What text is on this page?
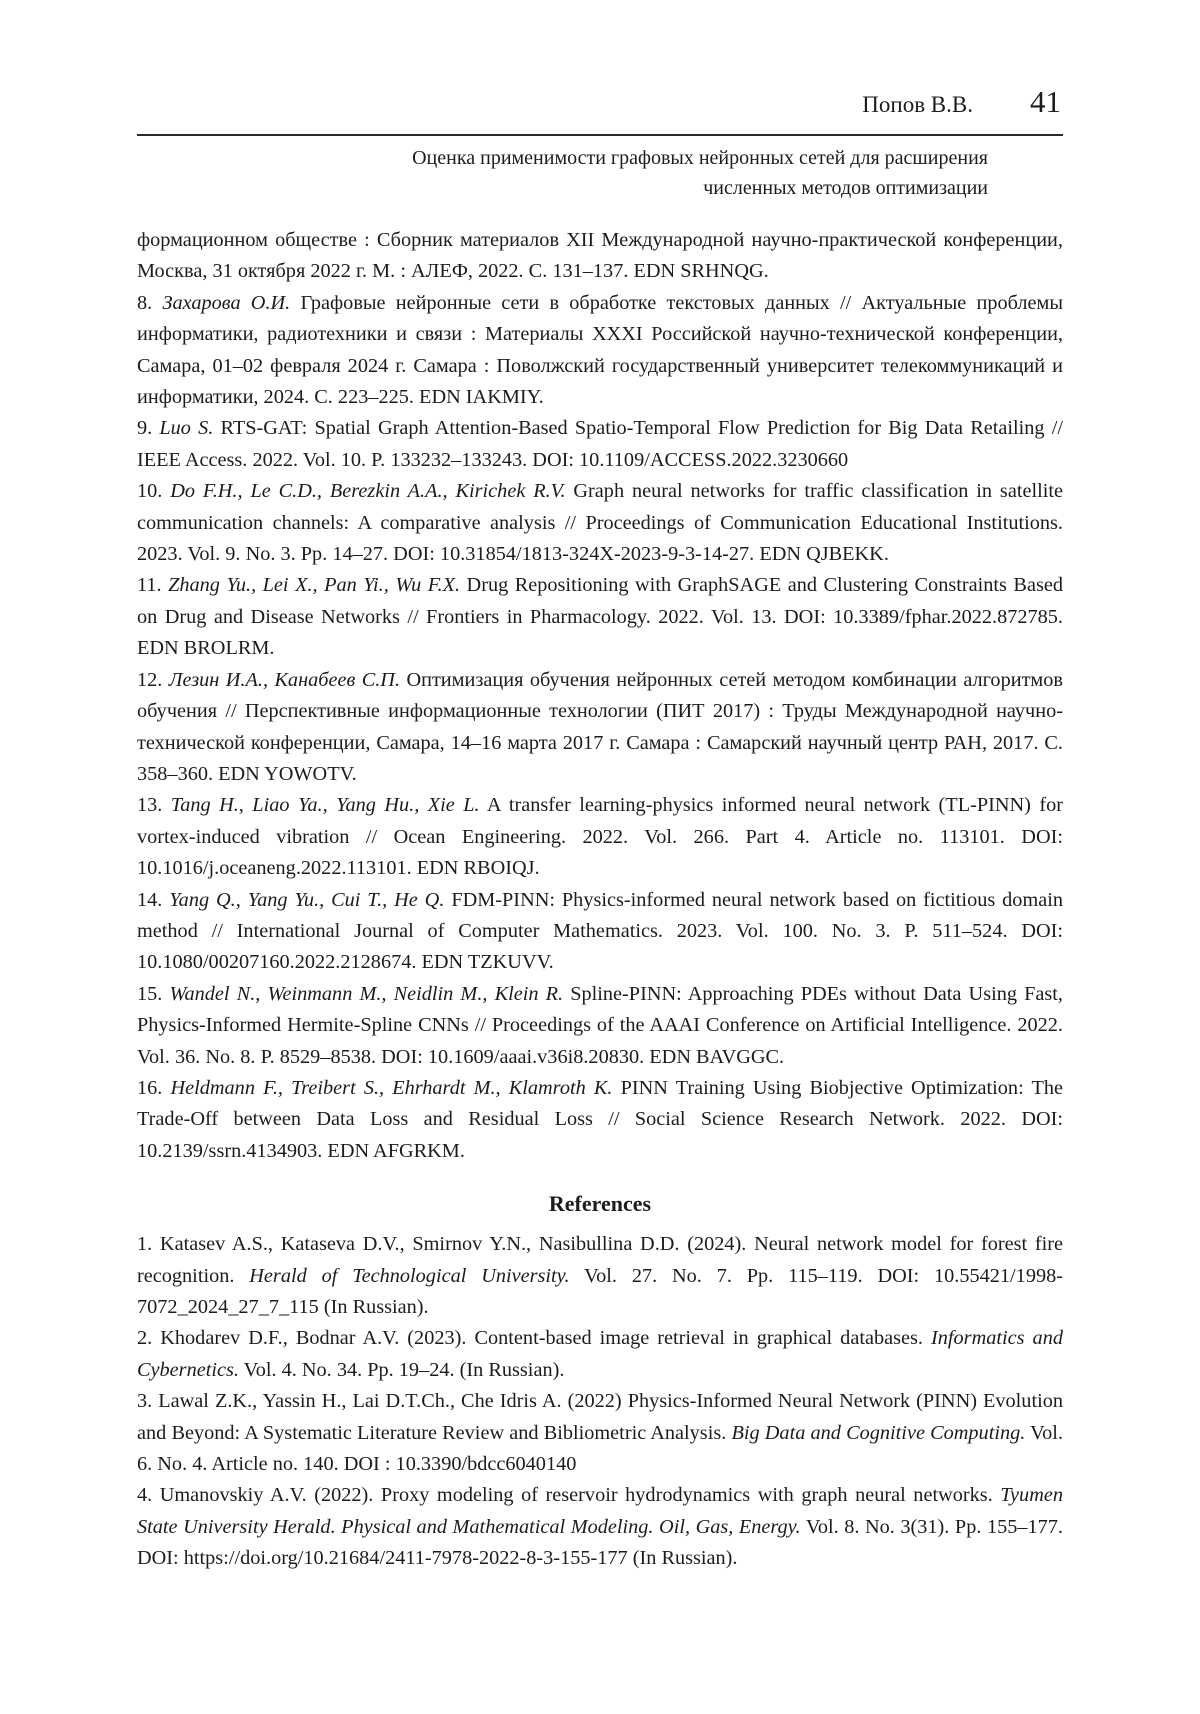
Попов В.В. 41
Оценка применимости графовых нейронных сетей для расширения
численных методов оптимизации

формационном обществе : Сборник материалов XII Международной научно-практической конференции, Москва, 31 октября 2022 г. М. : АЛЕФ, 2022. С. 131–137. EDN SRHNQG.

8. Захарова О.И. Графовые нейронные сети в обработке текстовых данных // Актуальные проблемы информатики, радиотехники и связи : Материалы XXXI Российской научно-технической конференции, Самара, 01–02 февраля 2024 г. Самара : Поволжский государственный университет телекоммуникаций и информатики, 2024. С. 223–225. EDN IAKMIY.

9. Luo S. RTS-GAT: Spatial Graph Attention-Based Spatio-Temporal Flow Prediction for Big Data Retailing // IEEE Access. 2022. Vol. 10. P. 133232–133243. DOI: 10.1109/ACCESS.2022.3230660

10. Do F.H., Le C.D., Berezkin A.A., Kirichek R.V. Graph neural networks for traffic classification in satellite communication channels: A comparative analysis // Proceedings of Communication Educational Institutions. 2023. Vol. 9. No. 3. Pp. 14–27. DOI: 10.31854/1813-324X-2023-9-3-14-27. EDN QJBEKK.

11. Zhang Yu., Lei X., Pan Yi., Wu F.X. Drug Repositioning with GraphSAGE and Clustering Constraints Based on Drug and Disease Networks // Frontiers in Pharmacology. 2022. Vol. 13. DOI: 10.3389/fphar.2022.872785. EDN BROLRM.

12. Лезин И.А., Канабеев С.П. Оптимизация обучения нейронных сетей методом комбинации алгоритмов обучения // Перспективные информационные технологии (ПИТ 2017) : Труды Международной научно-технической конференции, Самара, 14–16 марта 2017 г. Самара : Самарский научный центр РАН, 2017. С. 358–360. EDN YOWOTV.

13. Tang H., Liao Ya., Yang Hu., Xie L. A transfer learning-physics informed neural network (TL-PINN) for vortex-induced vibration // Ocean Engineering. 2022. Vol. 266. Part 4. Article no. 113101. DOI: 10.1016/j.oceaneng.2022.113101. EDN RBOIQJ.

14. Yang Q., Yang Yu., Cui T., He Q. FDM-PINN: Physics-informed neural network based on fictitious domain method // International Journal of Computer Mathematics. 2023. Vol. 100. No. 3. P. 511–524. DOI: 10.1080/00207160.2022.2128674. EDN TZKUVV.

15. Wandel N., Weinmann M., Neidlin M., Klein R. Spline-PINN: Approaching PDEs without Data Using Fast, Physics-Informed Hermite-Spline CNNs // Proceedings of the AAAI Conference on Artificial Intelligence. 2022. Vol. 36. No. 8. P. 8529–8538. DOI: 10.1609/aaai.v36i8.20830. EDN BAVGGC.

16. Heldmann F., Treibert S., Ehrhardt M., Klamroth K. PINN Training Using Biobjective Optimization: The Trade-Off between Data Loss and Residual Loss // Social Science Research Network. 2022. DOI: 10.2139/ssrn.4134903. EDN AFGRKM.

References

1. Katasev A.S., Kataseva D.V., Smirnov Y.N., Nasibullina D.D. (2024). Neural network model for forest fire recognition. Herald of Technological University. Vol. 27. No. 7. Pp. 115–119. DOI: 10.55421/1998-7072_2024_27_7_115 (In Russian).

2. Khodarev D.F., Bodnar A.V. (2023). Content-based image retrieval in graphical databases. Informatics and Cybernetics. Vol. 4. No. 34. Pp. 19–24. (In Russian).

3. Lawal Z.K., Yassin H., Lai D.T.Ch., Che Idris A. (2022) Physics-Informed Neural Network (PINN) Evolution and Beyond: A Systematic Literature Review and Bibliometric Analysis. Big Data and Cognitive Computing. Vol. 6. No. 4. Article no. 140. DOI : 10.3390/bdcc6040140

4. Umanovskiy A.V. (2022). Proxy modeling of reservoir hydrodynamics with graph neural networks. Tyumen State University Herald. Physical and Mathematical Modeling. Oil, Gas, Energy. Vol. 8. No. 3(31). Pp. 155–177. DOI: https://doi.org/10.21684/2411-7978-2022-8-3-155-177 (In Russian).
